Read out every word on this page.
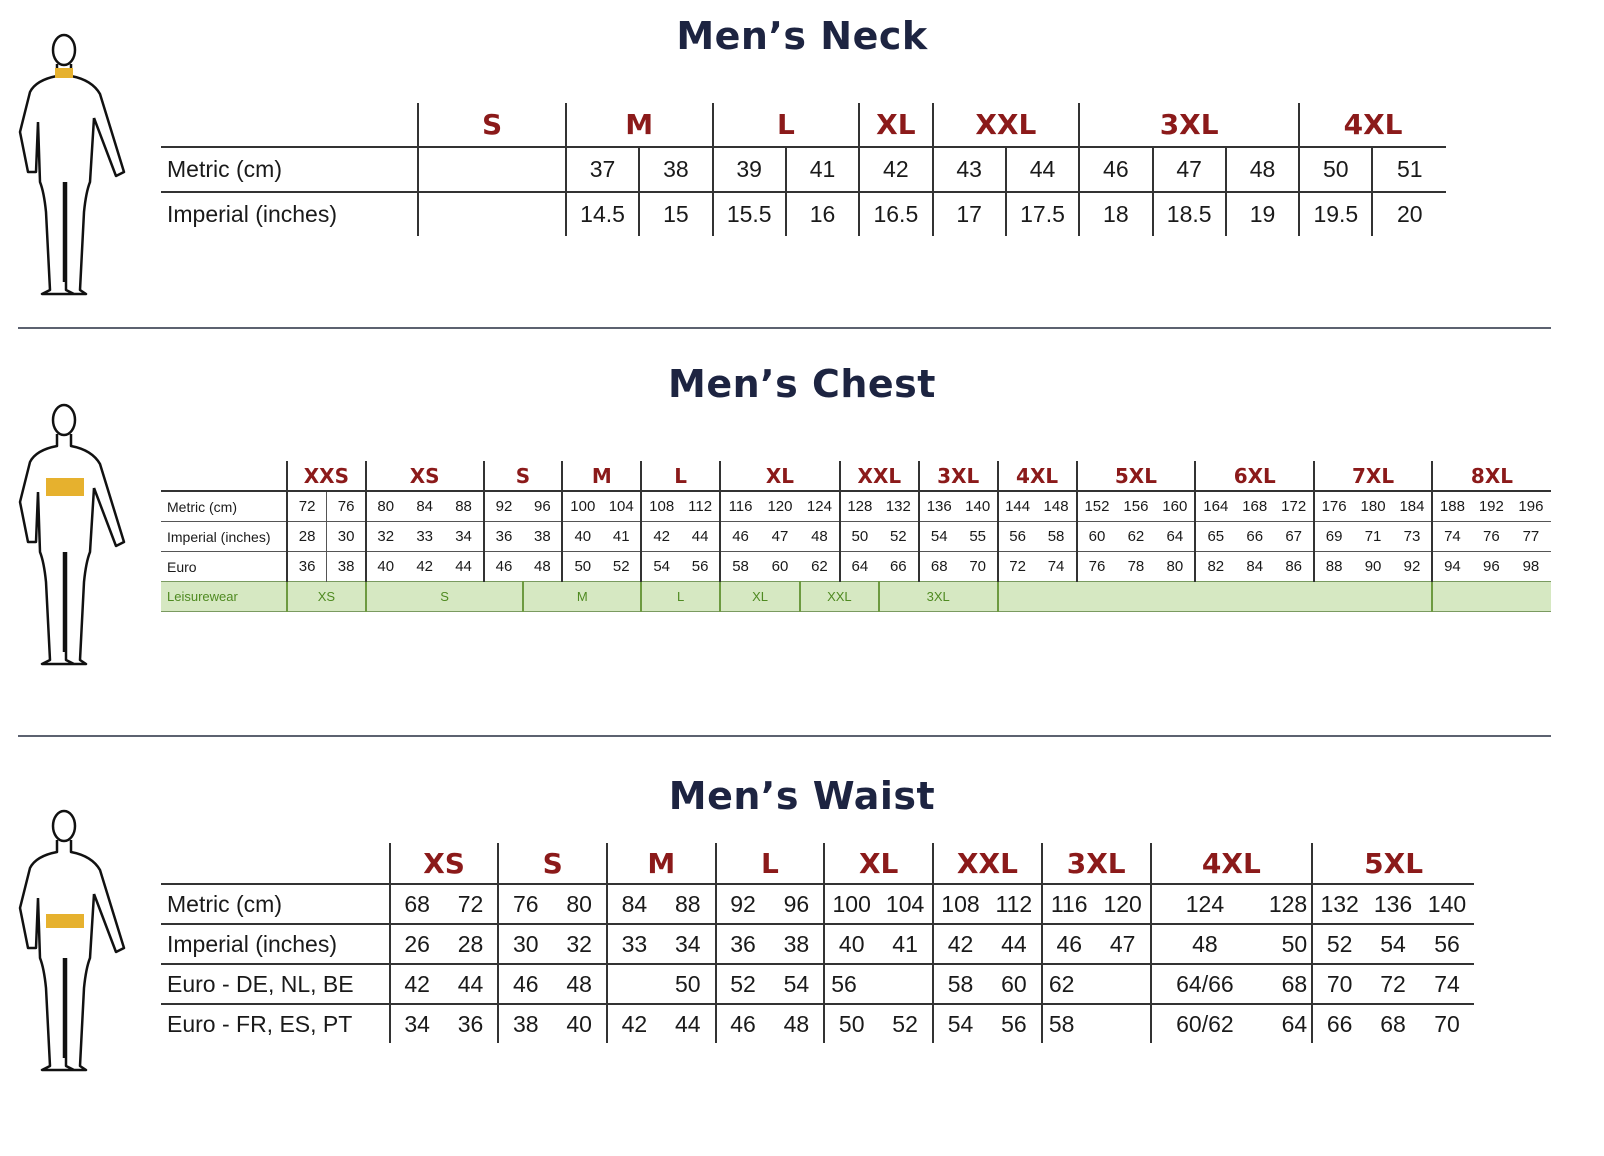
Men’s Neck
	S	M		L		XL	XXL		3XL			4XL	
Metric (cm)		37	38	39	41	42	43	44	46	47	48	50	51
Imperial (inches)		14.5	15	15.5	16	16.5	17	17.5	18	18.5	19	19.5	20
Men’s Chest
	XXS		XS			S		M		L		XL			XXL		3XL		4XL		5XL			6XL			7XL			8XL		
Metric (cm)	72	76	80	84	88	92	96	100	104	108	112	116	120	124	128	132	136	140	144	148	152	156	160	164	168	172	176	180	184	188	192	196
Imperial (inches)	28	30	32	33	34	36	38	40	41	42	44	46	47	48	50	52	54	55	56	58	60	62	64	65	66	67	69	71	73	74	76	77
Euro	36	38	40	42	44	46	48	50	52	54	56	58	60	62	64	66	68	70	72	74	76	78	80	82	84	86	88	90	92	94	96	98
Leisurewear	XS		S				M			L		XL		XXL		3XL																
Men’s Waist
	XS		S		M		L		XL		XXL		3XL		4XL		5XL		
Metric (cm)	68	72	76	80	84	88	92	96	100	104	108	112	116	120	124	128	132	136	140
Imperial (inches)	26	28	30	32	33	34	36	38	40	41	42	44	46	47	48	50	52	54	56
Euro - DE, NL, BE	42	44	46	48		50	52	54	56		58	60	62		64/66	68	70	72	74
Euro - FR, ES, PT	34	36	38	40	42	44	46	48	50	52	54	56	58		60/62	64	66	68	70
